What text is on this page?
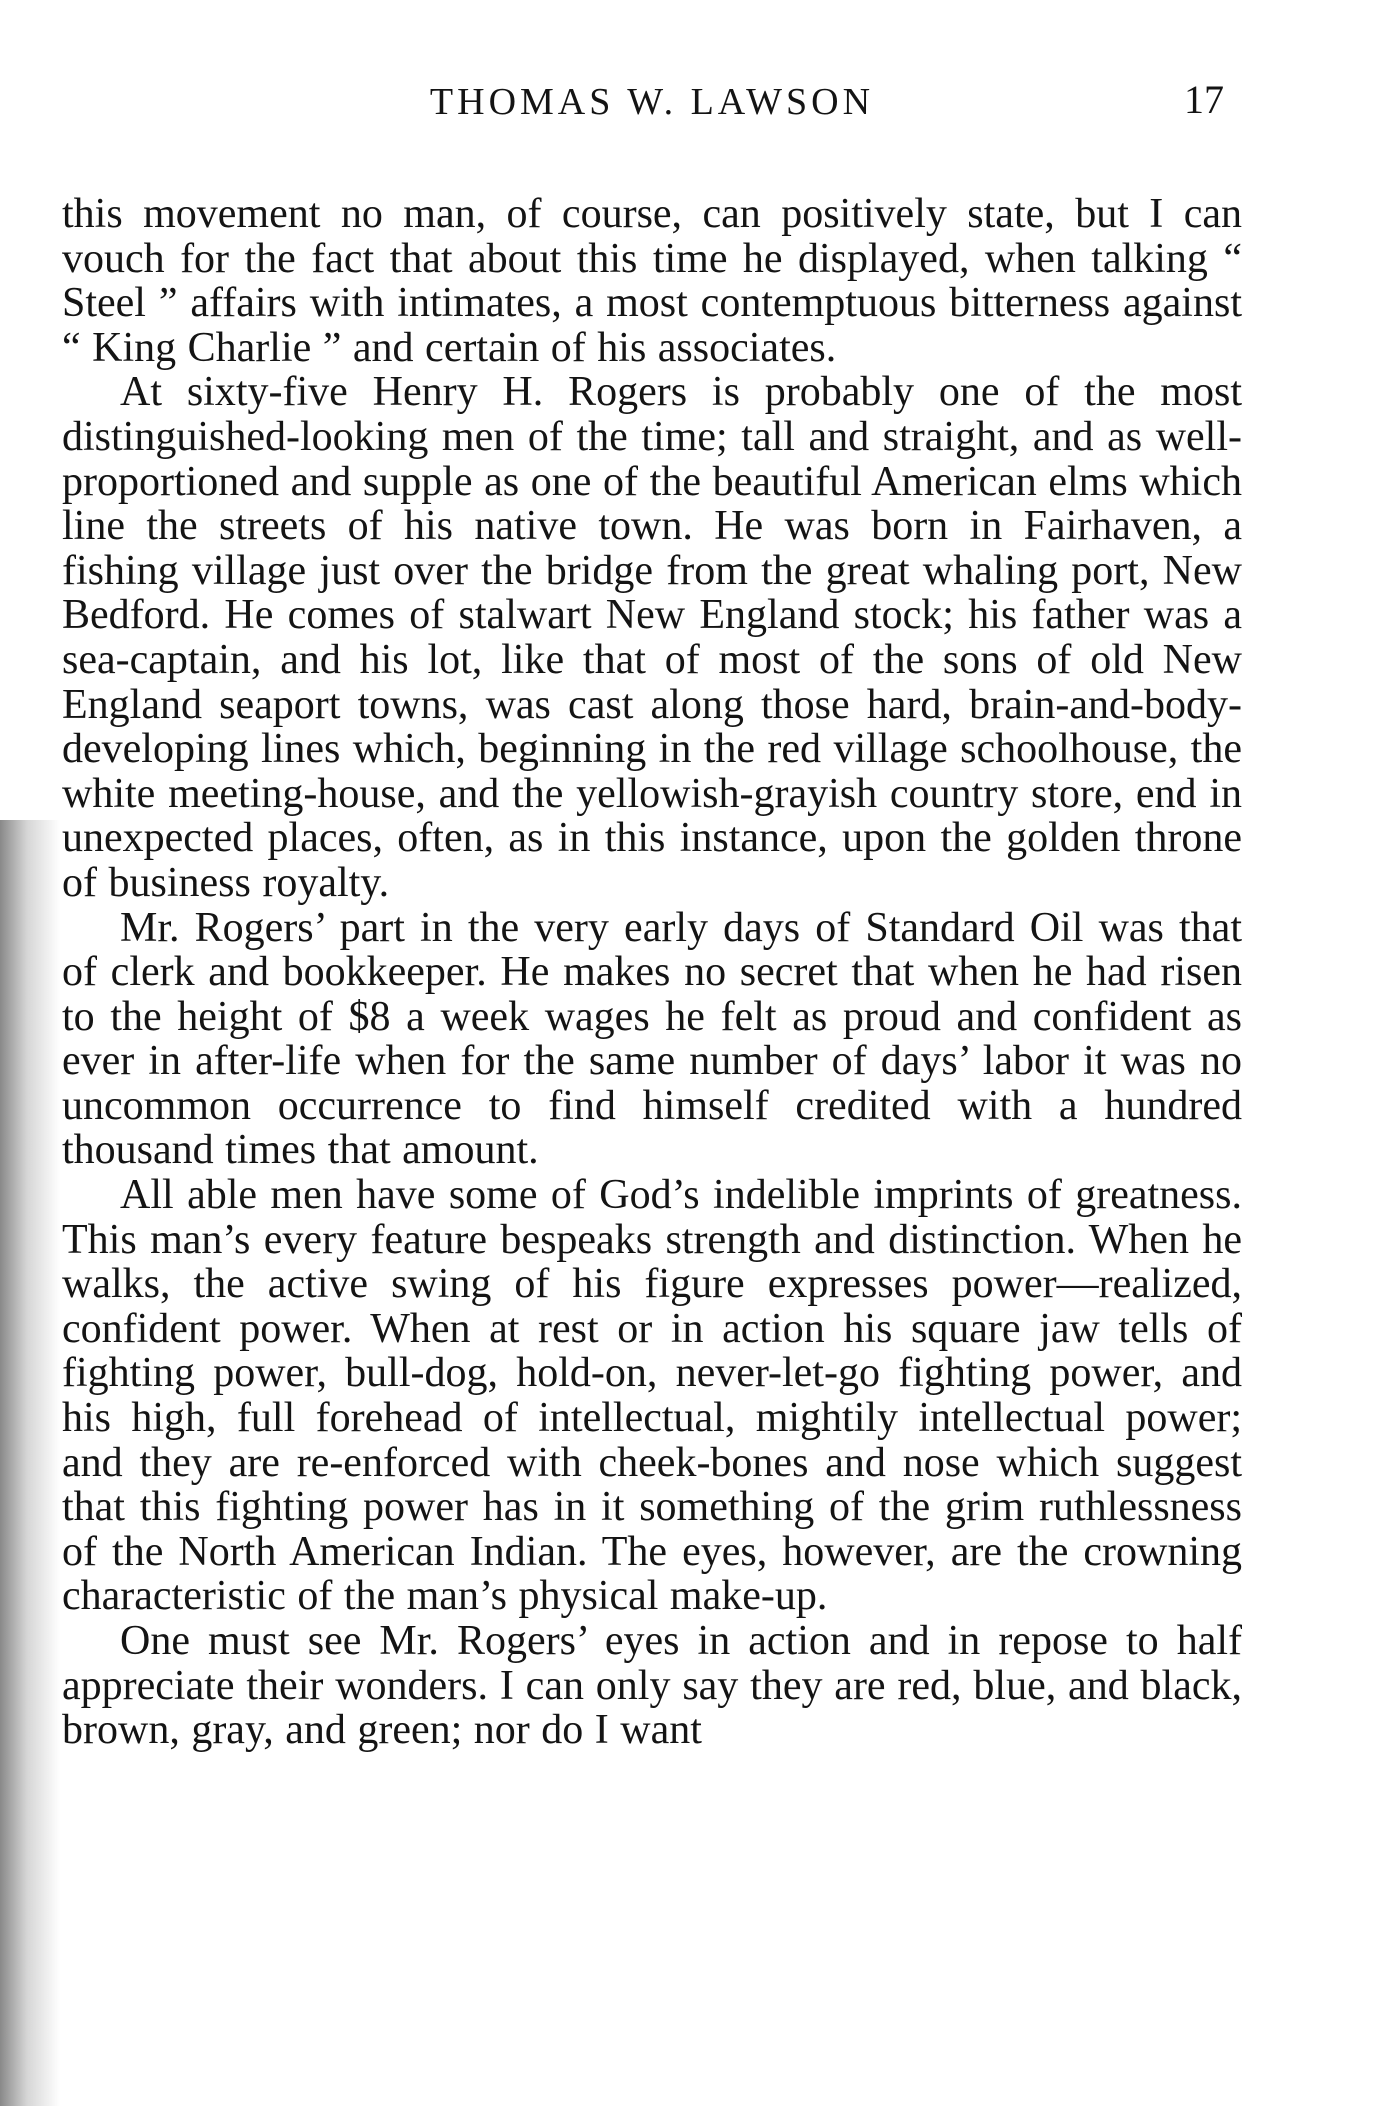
THOMAS W. LAWSON	17

this movement no man, of course, can positively state, but I can vouch for the fact that about this time he displayed, when talking “ Steel ” affairs with intimates, a most contemptuous bitterness against “ King Charlie ” and certain of his associates.

At sixty-five Henry H. Rogers is probably one of the most distinguished-looking men of the time; tall and straight, and as well-proportioned and supple as one of the beautiful American elms which line the streets of his native town. He was born in Fairhaven, a fishing village just over the bridge from the great whaling port, New Bedford. He comes of stalwart New England stock; his father was a sea-captain, and his lot, like that of most of the sons of old New England seaport towns, was cast along those hard, brain-and-body-developing lines which, beginning in the red village schoolhouse, the white meeting-house, and the yellowish-grayish country store, end in unexpected places, often, as in this instance, upon the golden throne of business royalty.

Mr. Rogers’ part in the very early days of Standard Oil was that of clerk and bookkeeper. He makes no secret that when he had risen to the height of $8 a week wages he felt as proud and confident as ever in after-life when for the same number of days’ labor it was no uncommon occurrence to find himself credited with a hundred thousand times that amount.

All able men have some of God’s indelible imprints of greatness. This man’s every feature bespeaks strength and distinction. When he walks, the active swing of his figure expresses power—realized, confident power. When at rest or in action his square jaw tells of fighting power, bull-dog, hold-on, never-let-go fighting power, and his high, full forehead of intellectual, mightily intellectual power; and they are re-enforced with cheek-bones and nose which suggest that this fighting power has in it something of the grim ruthlessness of the North American Indian. The eyes, however, are the crowning characteristic of the man’s physical make-up.

One must see Mr. Rogers’ eyes in action and in repose to half appreciate their wonders. I can only say they are red, blue, and black, brown, gray, and green; nor do I want
